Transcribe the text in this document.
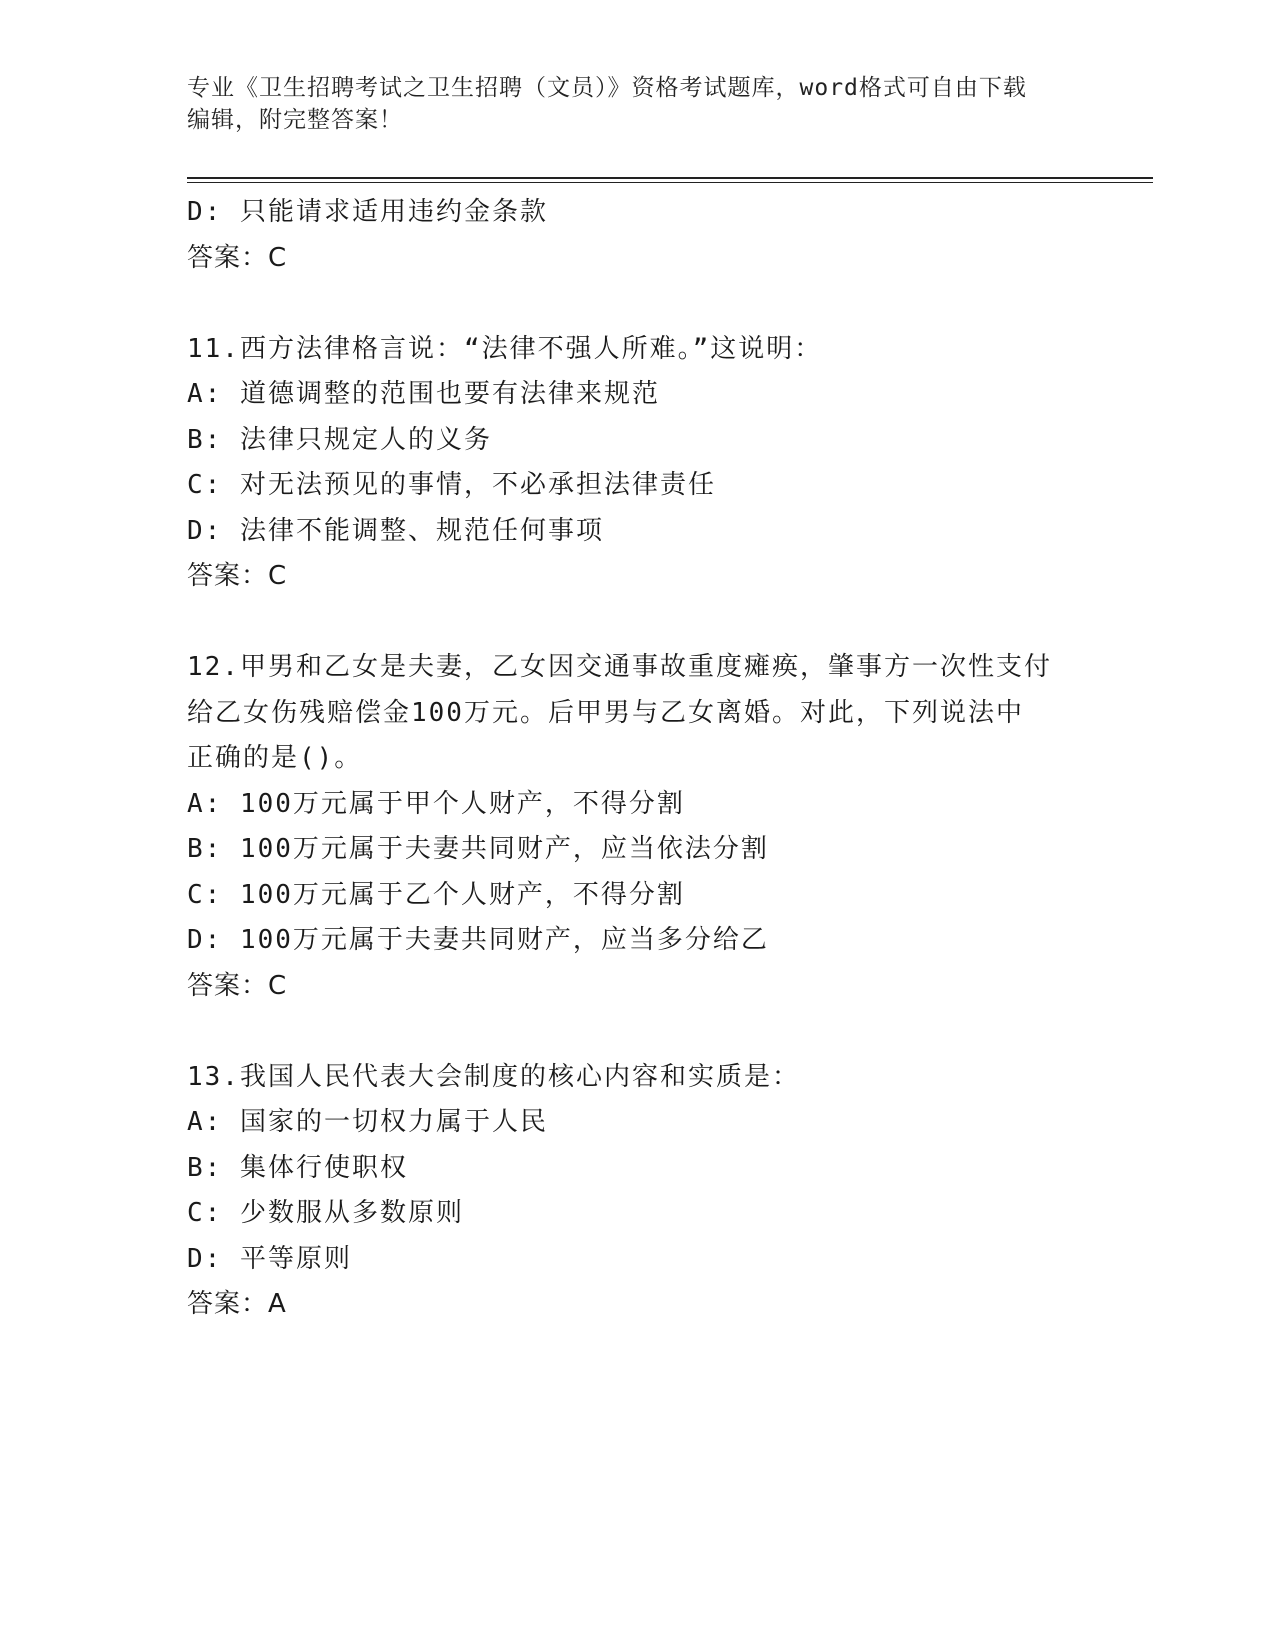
专业《卫生招聘考试之卫生招聘（文员）》资格考试题库，word格式可自由下载
编辑，附完整答案！
D: 只能请求适用违约金条款
答案：C
11.西方法律格言说：“法律不强人所难。”这说明：
A: 道德调整的范围也要有法律来规范
B: 法律只规定人的义务
C: 对无法预见的事情，不必承担法律责任
D: 法律不能调整、规范任何事项
答案：C
12.甲男和乙女是夫妻，乙女因交通事故重度瘫痪，肇事方一次性支付
给乙女伤残赔偿金100万元。后甲男与乙女离婚。对此，下列说法中
正确的是()。
A: 100万元属于甲个人财产，不得分割
B: 100万元属于夫妻共同财产，应当依法分割
C: 100万元属于乙个人财产，不得分割
D: 100万元属于夫妻共同财产，应当多分给乙
答案：C
13.我国人民代表大会制度的核心内容和实质是：
A: 国家的一切权力属于人民
B: 集体行使职权
C: 少数服从多数原则
D: 平等原则
答案：A
